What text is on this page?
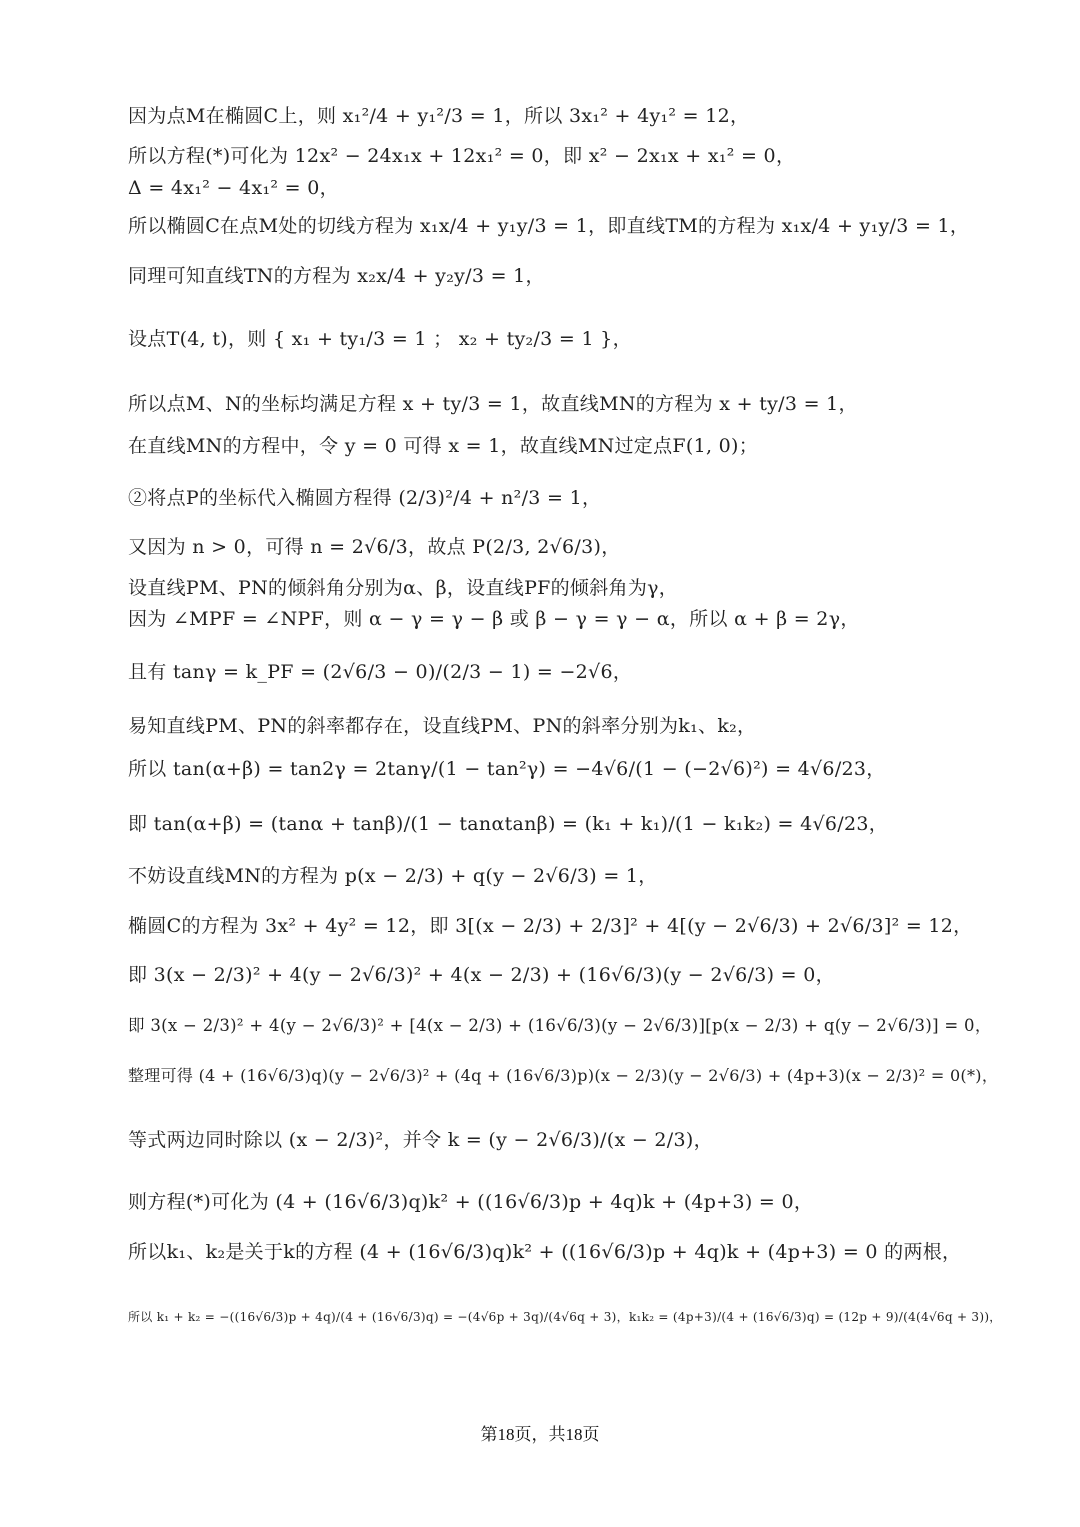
因为点M在椭圆C上，则 x₁²/4 + y₁²/3 = 1，所以 3x₁² + 4y₁² = 12，
所以方程(*)可化为 12x² − 24x₁x + 12x₁² = 0，即 x² − 2x₁x + x₁² = 0，
Δ = 4x₁² − 4x₁² = 0，
所以椭圆C在点M处的切线方程为 x₁x/4 + y₁y/3 = 1，即直线TM的方程为 x₁x/4 + y₁y/3 = 1，
同理可知直线TN的方程为 x₂x/4 + y₂y/3 = 1，
设点T(4, t)，则 { x₁ + ty₁/3 = 1 ； x₂ + ty₂/3 = 1 }，
所以点M、N的坐标均满足方程 x + ty/3 = 1，故直线MN的方程为 x + ty/3 = 1，
在直线MN的方程中，令 y = 0 可得 x = 1，故直线MN过定点F(1, 0)；
②将点P的坐标代入椭圆方程得 (2/3)²/4 + n²/3 = 1，
又因为 n > 0，可得 n = 2√6/3，故点 P(2/3, 2√6/3)，
设直线PM、PN的倾斜角分别为α、β，设直线PF的倾斜角为γ，
因为 ∠MPF = ∠NPF，则 α − γ = γ − β 或 β − γ = γ − α，所以 α + β = 2γ，
且有 tanγ = k_PF = (2√6/3 − 0)/(2/3 − 1) = −2√6，
易知直线PM、PN的斜率都存在，设直线PM、PN的斜率分别为k₁、k₂，
所以 tan(α+β) = tan2γ = 2tanγ/(1 − tan²γ) = −4√6/(1 − (−2√6)²) = 4√6/23，
即 tan(α+β) = (tanα + tanβ)/(1 − tanαtanβ) = (k₁ + k₁)/(1 − k₁k₂) = 4√6/23，
不妨设直线MN的方程为 p(x − 2/3) + q(y − 2√6/3) = 1，
椭圆C的方程为 3x² + 4y² = 12，即 3[(x − 2/3) + 2/3]² + 4[(y − 2√6/3) + 2√6/3]² = 12，
即 3(x − 2/3)² + 4(y − 2√6/3)² + 4(x − 2/3) + (16√6/3)(y − 2√6/3) = 0，
即 3(x − 2/3)² + 4(y − 2√6/3)² + [4(x − 2/3) + (16√6/3)(y − 2√6/3)][p(x − 2/3) + q(y − 2√6/3)] = 0，
整理可得 (4 + (16√6/3)q)(y − 2√6/3)² + (4q + (16√6/3)p)(x − 2/3)(y − 2√6/3) + (4p+3)(x − 2/3)² = 0(*)，
等式两边同时除以 (x − 2/3)²，并令 k = (y − 2√6/3)/(x − 2/3)，
则方程(*)可化为 (4 + (16√6/3)q)k² + ((16√6/3)p + 4q)k + (4p+3) = 0，
所以k₁、k₂是关于k的方程 (4 + (16√6/3)q)k² + ((16√6/3)p + 4q)k + (4p+3) = 0 的两根，
所以 k₁ + k₂ = −((16√6/3)p + 4q)/(4 + (16√6/3)q) = −(4√6p + 3q)/(4√6q + 3)，k₁k₂ = (4p+3)/(4 + (16√6/3)q) = (12p + 9)/(4(4√6q + 3))，
第18页，共18页
